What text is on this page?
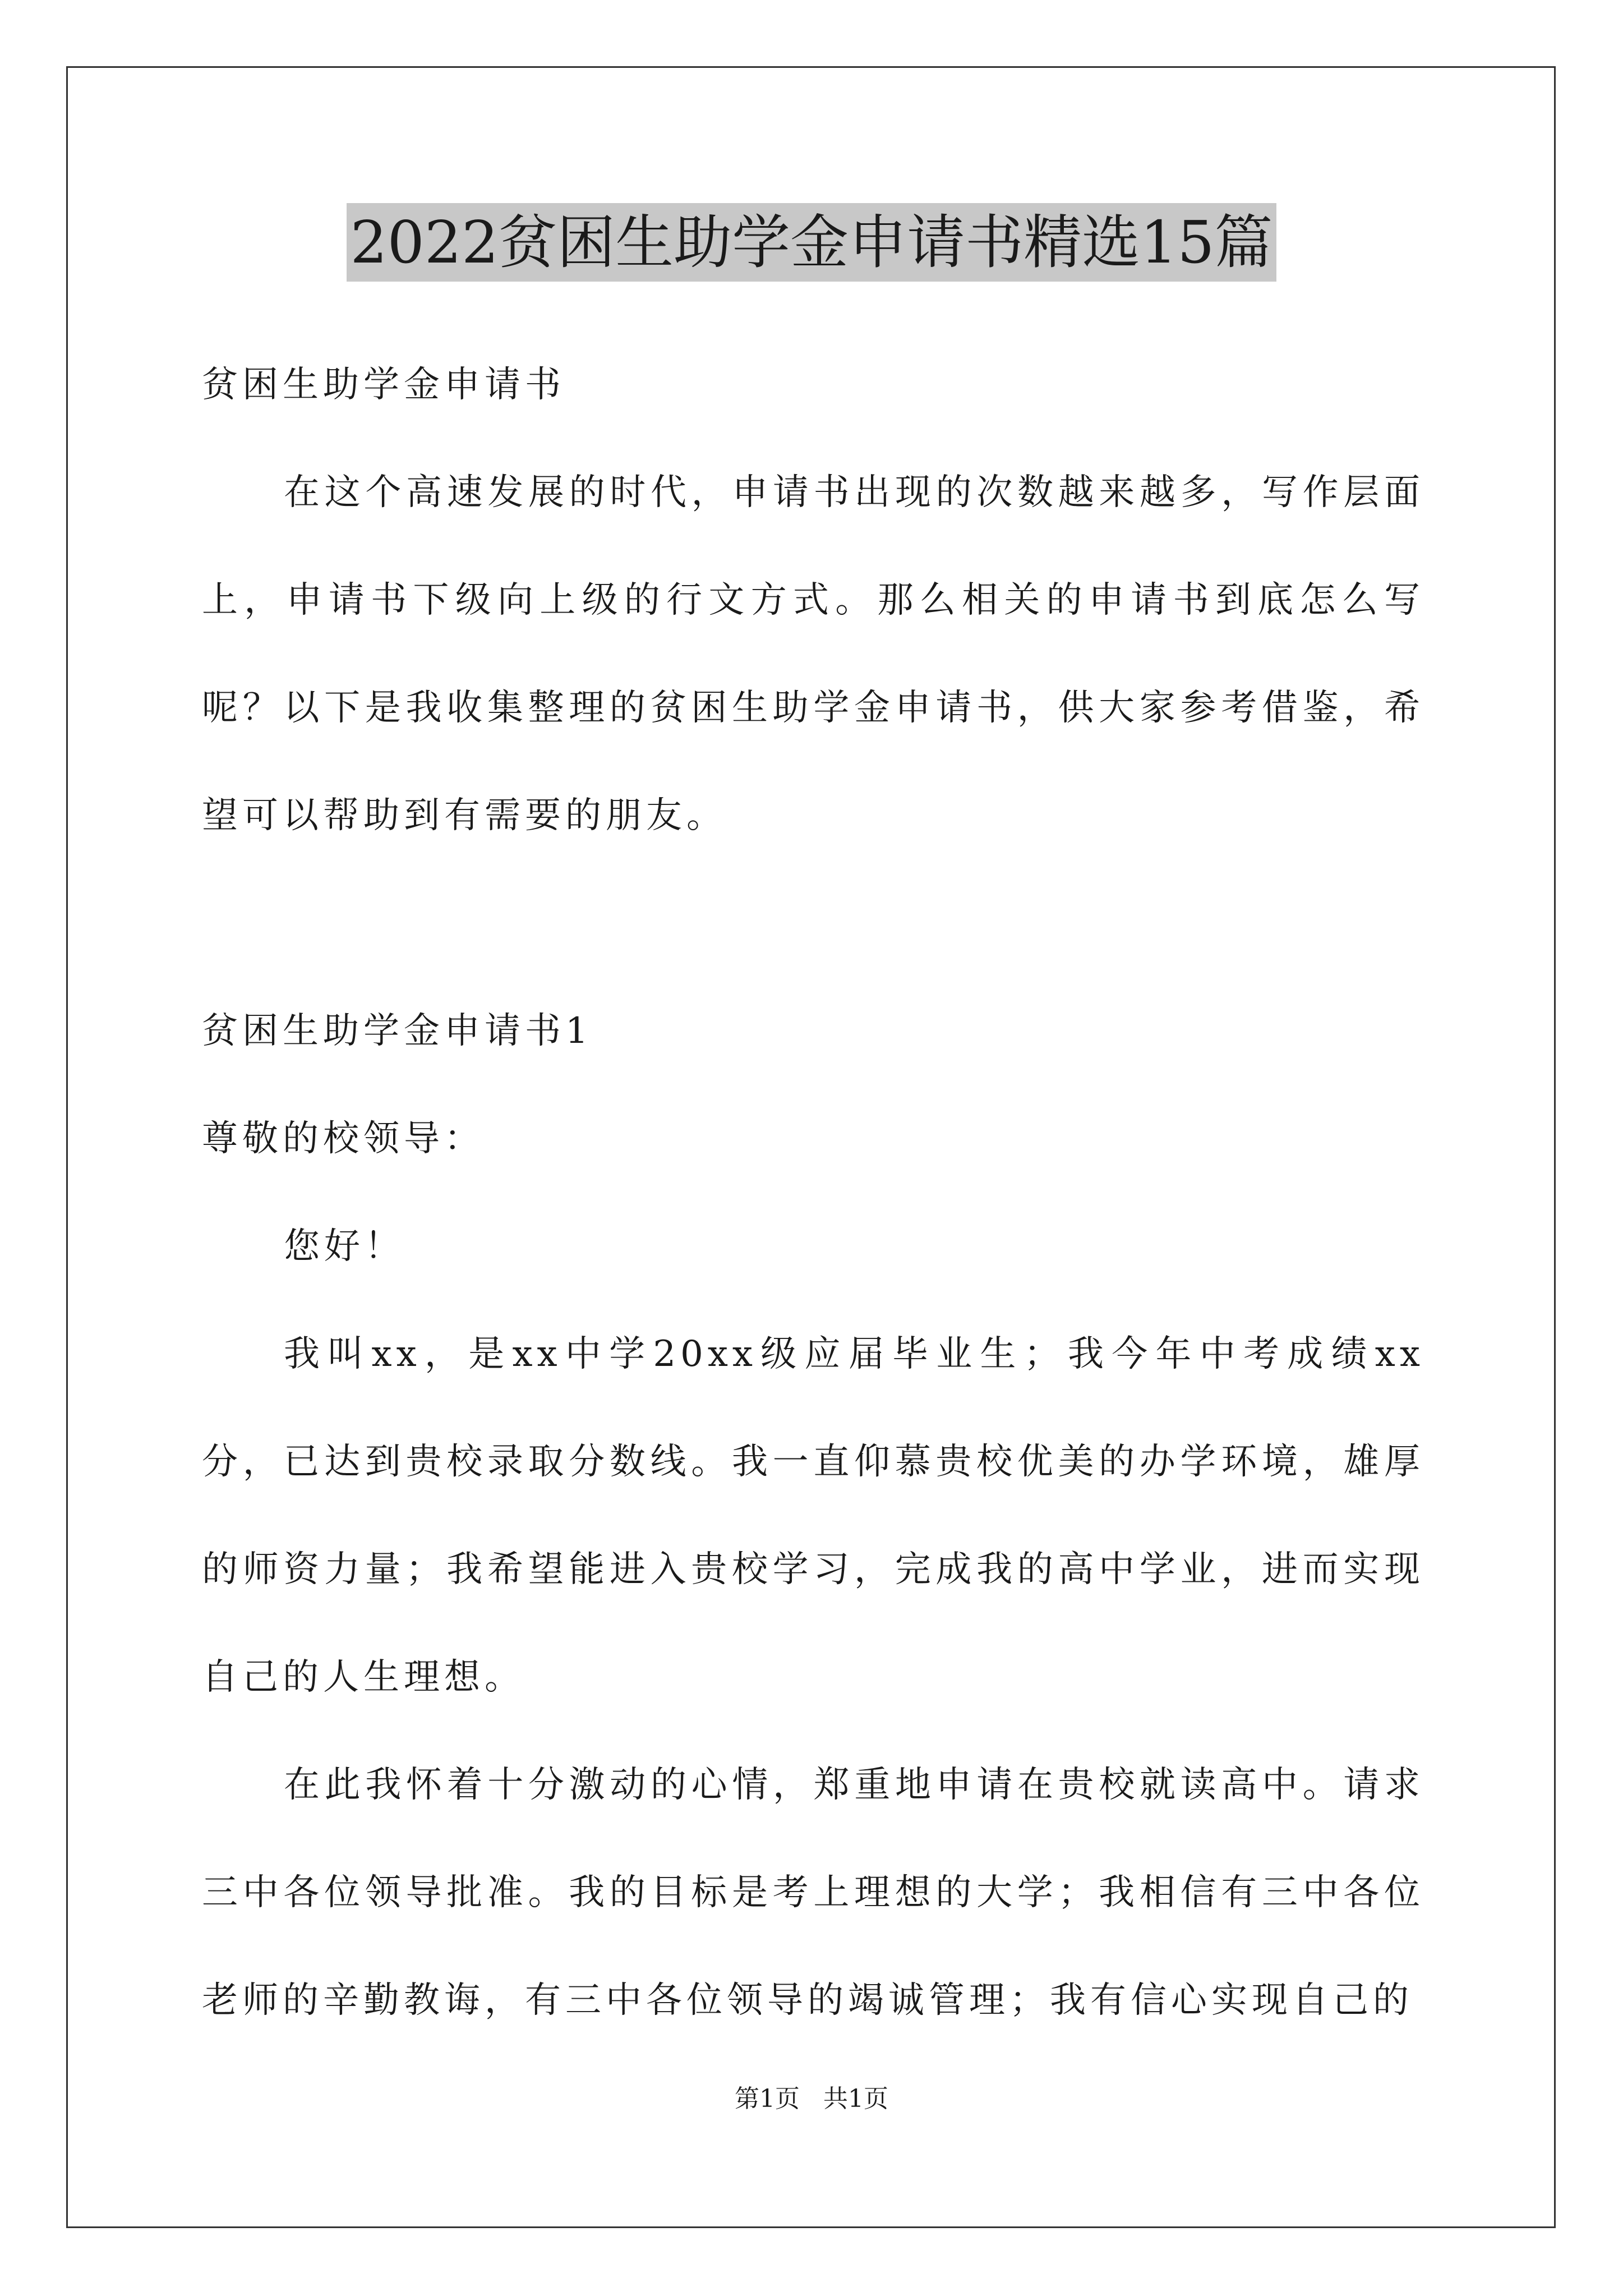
2022贫困生助学金申请书精选15篇

贫困生助学金申请书

在这个高速发展的时代，申请书出现的次数越来越多，写作层面上，申请书下级向上级的行文方式。那么相关的申请书到底怎么写呢？以下是我收集整理的贫困生助学金申请书，供大家参考借鉴，希望可以帮助到有需要的朋友。

贫困生助学金申请书1

尊敬的校领导：

您好！

我叫xx，是xx中学20xx级应届毕业生；我今年中考成绩xx分，已达到贵校录取分数线。我一直仰慕贵校优美的办学环境，雄厚的师资力量；我希望能进入贵校学习，完成我的高中学业，进而实现自己的人生理想。

在此我怀着十分激动的心情，郑重地申请在贵校就读高中。请求三中各位领导批准。我的目标是考上理想的大学；我相信有三中各位老师的辛勤教诲，有三中各位领导的竭诚管理；我有信心实现自己的

第1页   共1页
